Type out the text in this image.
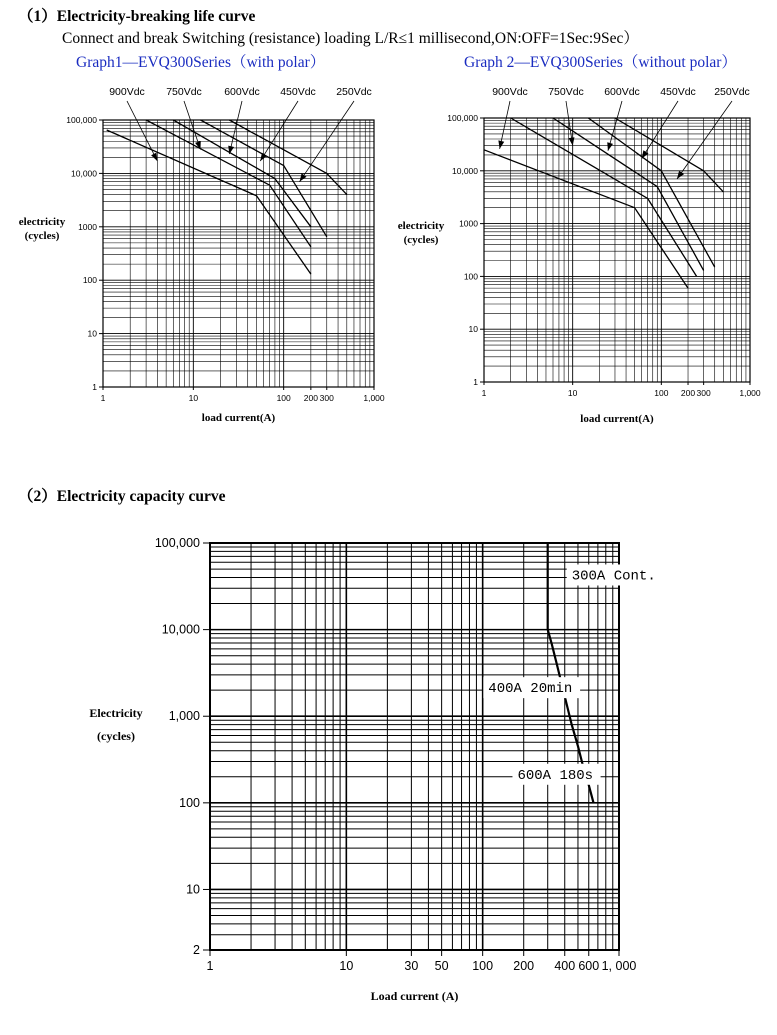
（1）Electricity-breaking life curve
Connect and break Switching (resistance) loading L/R≤1 millisecond,ON:OFF=1Sec:9Sec）
Graph1—EVQ300Series（with polar）	Graph 2—EVQ300Series（without polar）
（2）Electricity capacity curve
1
10
100
1000
10,000
100,000
1	10	100 200 300	1,000
load current(A)
electricity
(cycles)
900Vdc 750Vdc 600Vdc 450Vdc 250Vdc
1
10
100
1000
10,000
100,000
1	10	100 200 300	1,000
load current(A)
electricity
(cycles)
900Vdc 750Vdc 600Vdc 450Vdc 250Vdc
2
10
100
1,000
10,000
100,000
1	10	30 50 100 200 400 600 1, 000
Load current (A)
Electricity
(cycles)
300A Cont.
400A 20min
600A 180s
